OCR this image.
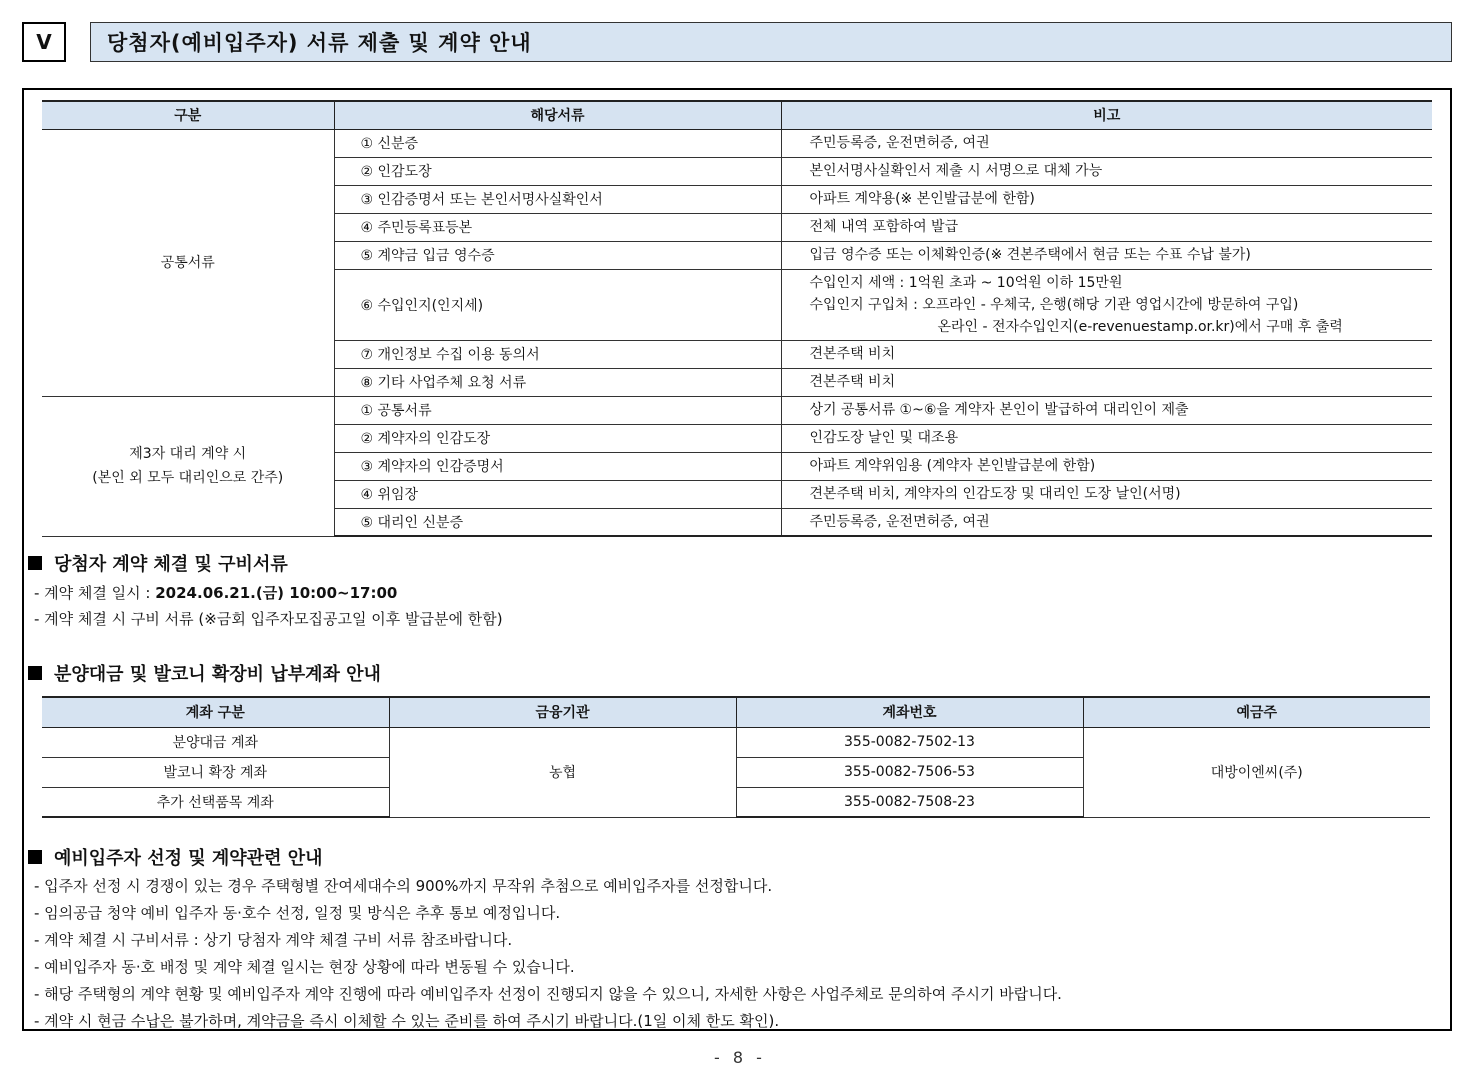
V	당첨자(예비입주자) 서류 제출 및 계약 안내
구분	해당서류	비고
공통서류	① 신분증	주민등록증, 운전면허증, 여권
	② 인감도장	본인서명사실확인서 제출 시 서명으로 대체 가능
	③ 인감증명서 또는 본인서명사실확인서	아파트 계약용(※ 본인발급분에 한함)
	④ 주민등록표등본	전체 내역 포함하여 발급
	⑤ 계약금 입금 영수증	입금 영수증 또는 이체확인증(※ 견본주택에서 현금 또는 수표 수납 불가)
	⑥ 수입인지(인지세)	수입인지 세액 : 1억원 초과 ~ 10억원 이하 15만원
수입인지 구입처 : 오프라인 - 우체국, 은행(해당 기관 영업시간에 방문하여 구입)
온라인 - 전자수입인지(e-revenuestamp.or.kr)에서 구매 후 출력

	⑦ 개인정보 수집 이용 동의서	견본주택 비치
	⑧ 기타 사업주체 요청 서류	견본주택 비치

제3자 대리 계약 시
(본인 외 모두 대리인으로 간주)	① 공통서류	상기 공통서류 ①~⑥을 계약자 본인이 발급하여 대리인이 제출
	② 계약자의 인감도장	인감도장 날인 및 대조용
	③ 계약자의 인감증명서	아파트 계약위임용 (계약자 본인발급분에 한함)
	④ 위임장	견본주택 비치, 계약자의 인감도장 및 대리인 도장 날인(서명)
	⑤ 대리인 신분증	주민등록증, 운전면허증, 여권
당첨자 계약 체결 및 구비서류
- 계약 체결 일시 : 2024.06.21.(금) 10:00~17:00
- 계약 체결 시 구비 서류 (※금회 입주자모집공고일 이후 발급분에 한함)
분양대금 및 발코니 확장비 납부계좌 안내
계좌 구분	금융기관	계좌번호	예금주
분양대금 계좌	농협	355-0082-7502-13	대방이엔씨(주)
발코니 확장 계좌		355-0082-7506-53	
추가 선택품목 계좌		355-0082-7508-23	
예비입주자 선정 및 계약관련 안내
- 입주자 선정 시 경쟁이 있는 경우 주택형별 잔여세대수의 900%까지 무작위 추첨으로 예비입주자를 선정합니다.
- 임의공급 청약 예비 입주자 동·호수 선정, 일정 및 방식은 추후 통보 예정입니다.
- 계약 체결 시 구비서류 : 상기 당첨자 계약 체결 구비 서류 참조바랍니다.
- 예비입주자 동·호 배정 및 계약 체결 일시는 현장 상황에 따라 변동될 수 있습니다.
- 해당 주택형의 계약 현황 및 예비입주자 계약 진행에 따라 예비입주자 선정이 진행되지 않을 수 있으니, 자세한 사항은 사업주체로 문의하여 주시기 바랍니다.
- 계약 시 현금 수납은 불가하며, 계약금을 즉시 이체할 수 있는 준비를 하여 주시기 바랍니다.(1일 이체 한도 확인).
- 8 -
